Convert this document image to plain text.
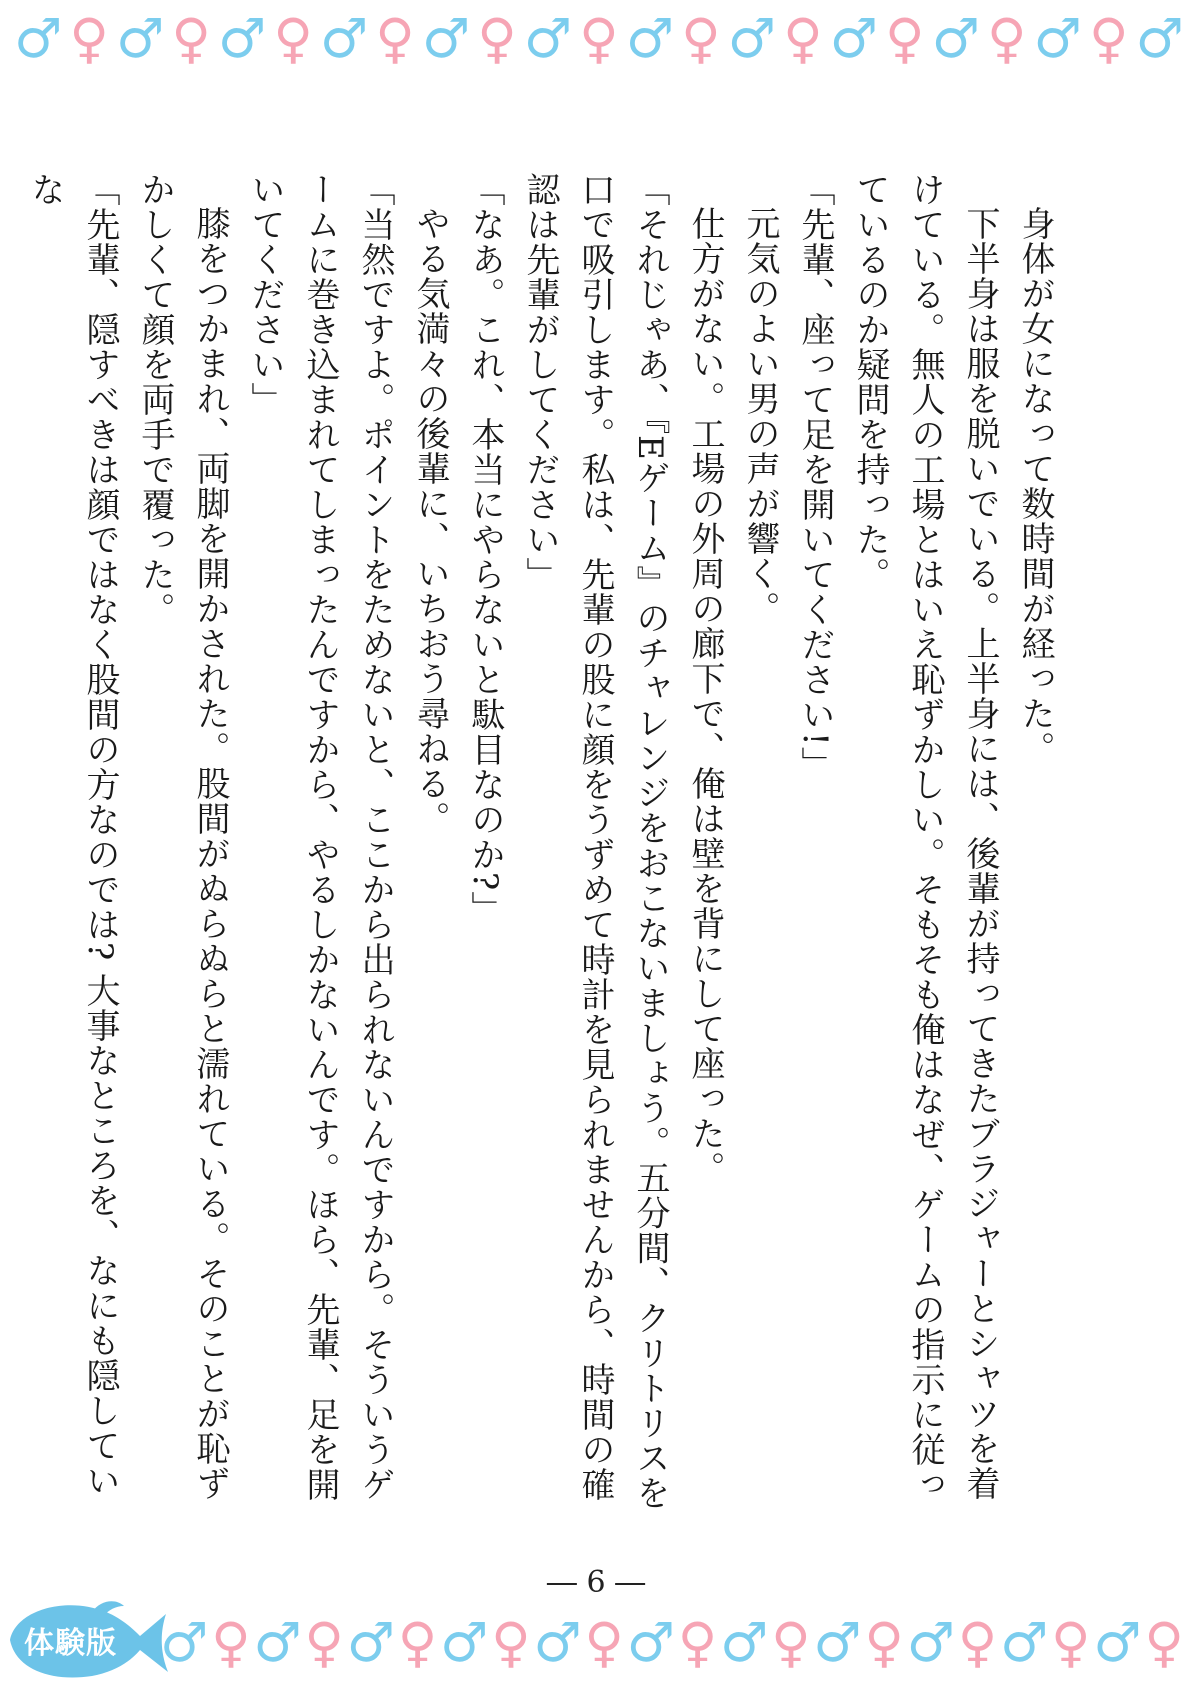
♂ ♀ ♂ ♀ ♂ ♀ ♂ ♀ ♂ ♀ ♂ ♀ ♂ ♀ ♂ ♀ ♂ ♀ ♂ ♀ ♂ ♀ ♂

身体が女になって数時間が経った。

下半身は服を脱いでいる。上半身には、後輩が持ってきたブラジャーとシャツを着けている。無人の工場とはいえ恥ずかしい。そもそも俺はなぜ、ゲームの指示に従っているのか疑問を持った。

「先輩、座って足を開いてください!」

元気のよい男の声が響く。

仕方がない。工場の外周の廊下で、俺は壁を背にして座った。

「それじゃあ、『Eゲーム』のチャレンジをおこないましょう。五分間、クリトリスを口で吸引します。私は、先輩の股に顔をうずめて時計を見られませんから、時間の確認は先輩がしてください」

「なあ。これ、本当にやらないと駄目なのか?」

やる気満々の後輩に、いちおう尋ねる。

「当然ですよ。ポイントをためないと、ここから出られないんですから。そういうゲームに巻き込まれてしまったんですから、やるしかないんです。ほら、先輩、足を開いてください」

膝をつかまれ、両脚を開かされた。股間がぬらぬらと濡れている。そのことが恥ずかしくて顔を両手で覆った。

「先輩、隠すべきは顔ではなく股間の方なのでは? 大事なところを、なにも隠していな

― 6 ―
体験版 ♂ ♀ ♂ ♀ ♂ ♀ ♂ ♀ ♂ ♀ ♂ ♀ ♂ ♀ ♂ ♀ ♂ ♀ ♂ ♀ ♂ ♀
